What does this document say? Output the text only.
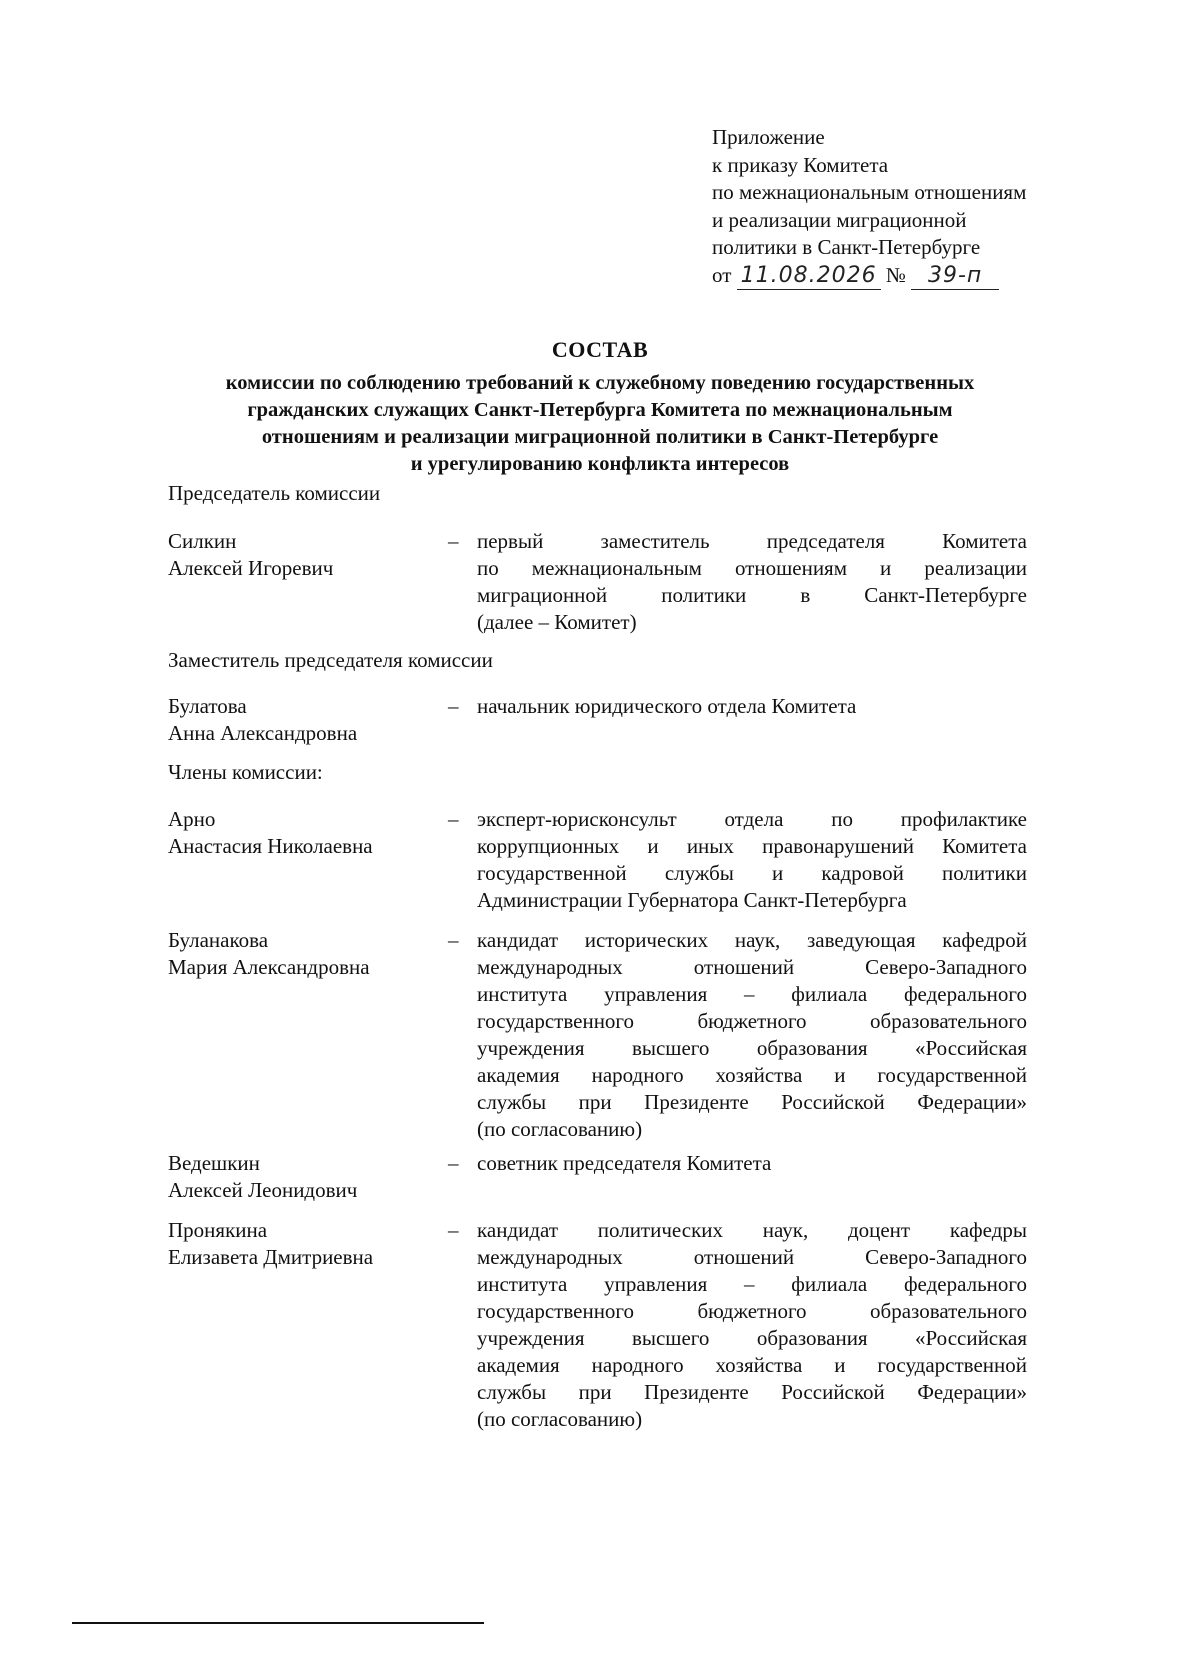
Приложение
к приказу Комитета
по межнациональным отношениям
и реализации миграционной
политики в Санкт-Петербурге
от 11.08.2026 № 39-п
СОСТАВ
комиссии по соблюдению требований к служебному поведению государственных
гражданских служащих Санкт-Петербурга Комитета по межнациональным
отношениям и реализации миграционной политики в Санкт-Петербурге
и урегулированию конфликта интересов
Председатель комиссии
Силкин
Алексей Игоревич
– первый заместитель председателя Комитета
по межнациональным отношениям и реализации
миграционной политики в Санкт-Петербурге
(далее – Комитет)
Заместитель председателя комиссии
Булатова
Анна Александровна
– начальник юридического отдела Комитета
Члены комиссии:
Арно
Анастасия Николаевна
– эксперт-юрисконсульт отдела по профилактике
коррупционных и иных правонарушений Комитета
государственной службы и кадровой политики
Администрации Губернатора Санкт-Петербурга
Буланакова
Мария Александровна
– кандидат исторических наук, заведующая кафедрой
международных отношений Северо-Западного
института управления – филиала федерального
государственного бюджетного образовательного
учреждения высшего образования «Российская
академия народного хозяйства и государственной
службы при Президенте Российской Федерации»
(по согласованию)
Ведешкин
Алексей Леонидович
– советник председателя Комитета
Пронякина
Елизавета Дмитриевна
– кандидат политических наук, доцент кафедры
международных отношений Северо-Западного
института управления – филиала федерального
государственного бюджетного образовательного
учреждения высшего образования «Российская
академия народного хозяйства и государственной
службы при Президенте Российской Федерации»
(по согласованию)
